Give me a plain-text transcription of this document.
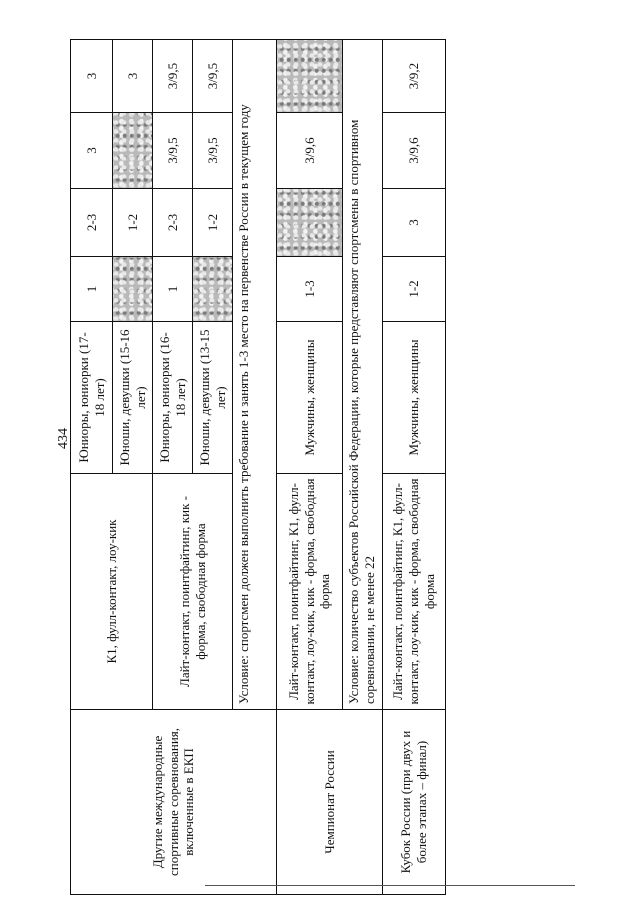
434
Другие международные спортивные соревнования, включенные в ЕКП	К1, фулл-контакт, лоу-кик	Юниоры, юниорки (17-18 лет)	1	2-3	3	3
		Юноши, девушки (15-16 лет)		1-2		3
	Лайт-контакт, поинтфайтинг, кик - форма, свободная форма	Юниоры, юниорки (16-18 лет)	1	2-3	3/9,5	3/9,5
		Юноши, девушки (13-15 лет)		1-2	3/9,5	3/9,5
	Условие: спортсмен должен выполнить требование и занять 1-3 место на первенстве России в текущем году					
Чемпионат России	Лайт-контакт, поинтфайтинг, К1, фулл-контакт, лоу-кик, кик - форма, свободная форма	Мужчины, женщины	1-3		3/9,6	
	Условие: количество субъектов Российской Федерации, которые представляют спортсмены в спортивном соревновании, не менее 22					
Кубок России (при двух и более этапах – финал)	Лайт-контакт, поинтфайтинг, К1, фулл-контакт, лоу-кик, кик - форма, свободная форма	Мужчины, женщины	1-2	3	3/9,6	3/9,2
